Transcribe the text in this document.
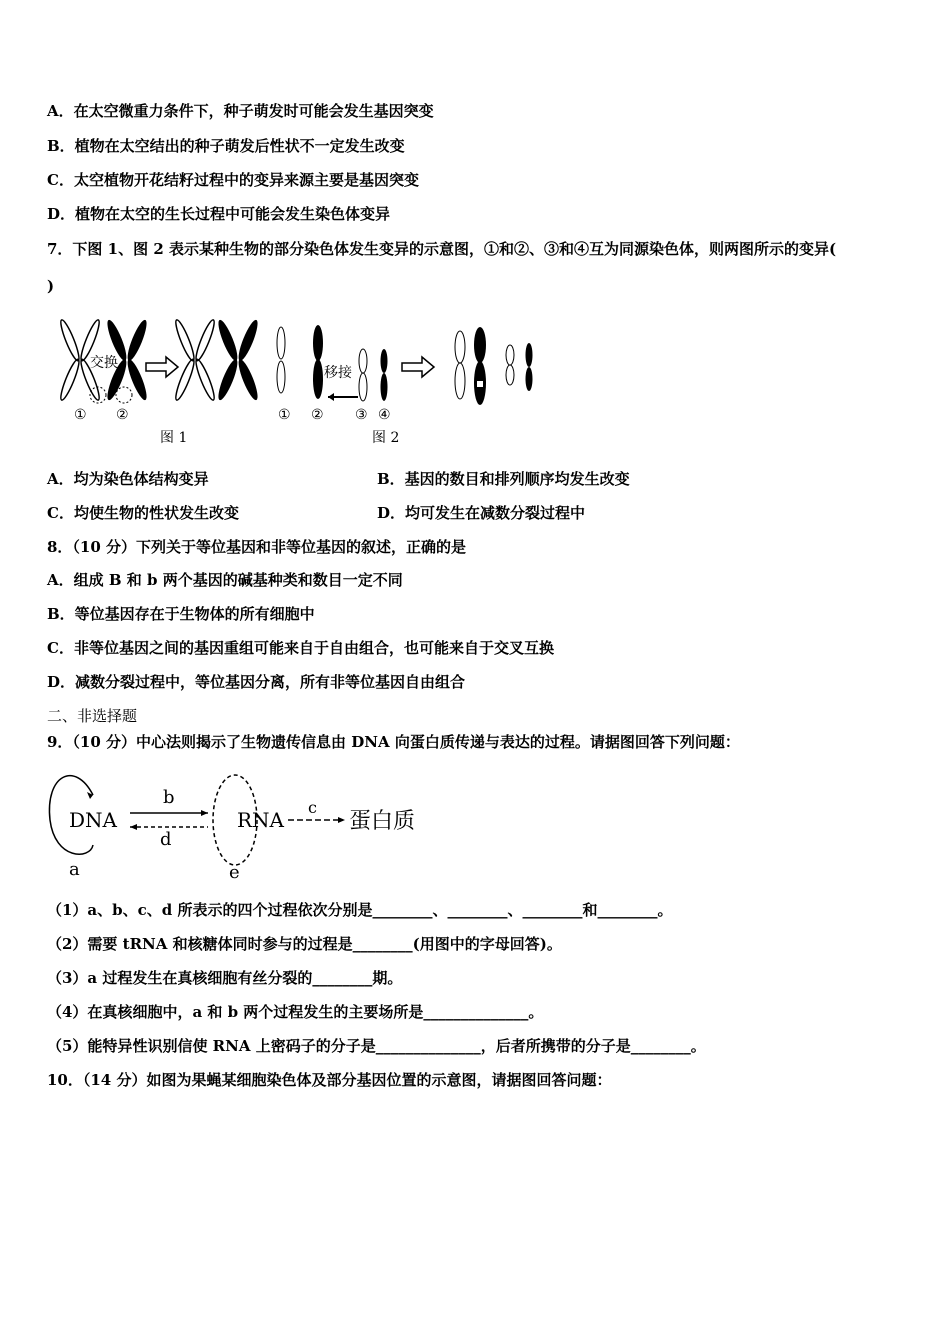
A．在太空微重力条件下，种子萌发时可能会发生基因突变
B．植物在太空结出的种子萌发后性状不一定发生改变
C．太空植物开花结籽过程中的变异来源主要是基因突变
D．植物在太空的生长过程中可能会发生染色体变异
7．下图 1、图 2 表示某种生物的部分染色体发生变异的示意图，①和②、③和④互为同源染色体，则两图所示的变异(
)
交换
① ②
图 1
移接
① ② ③ ④
图 2
A．均为染色体结构变异	B．基因的数目和排列顺序均发生改变
C．均使生物的性状发生改变	D．均可发生在减数分裂过程中
8．（10 分）下列关于等位基因和非等位基因的叙述，正确的是
A．组成 B 和 b 两个基因的碱基种类和数目一定不同
B．等位基因存在于生物体的所有细胞中
C．非等位基因之间的基因重组可能来自于自由组合，也可能来自于交叉互换
D．减数分裂过程中，等位基因分离，所有非等位基因自由组合
二、非选择题
9．（10 分）中心法则揭示了生物遗传信息由 DNA 向蛋白质传递与表达的过程。请据图回答下列问题：
DNA
b
d
a
RNA
c
蛋白质
e
（1）a、b、c、d 所表示的四个过程依次分别是________、________、________和________。
（2）需要 tRNA 和核糖体同时参与的过程是________(用图中的字母回答)。
（3）a 过程发生在真核细胞有丝分裂的________期。
（4）在真核细胞中，a 和 b 两个过程发生的主要场所是______________。
（5）能特异性识别信使 RNA 上密码子的分子是______________，后者所携带的分子是________。
10．（14 分）如图为果蝇某细胞染色体及部分基因位置的示意图，请据图回答问题：
